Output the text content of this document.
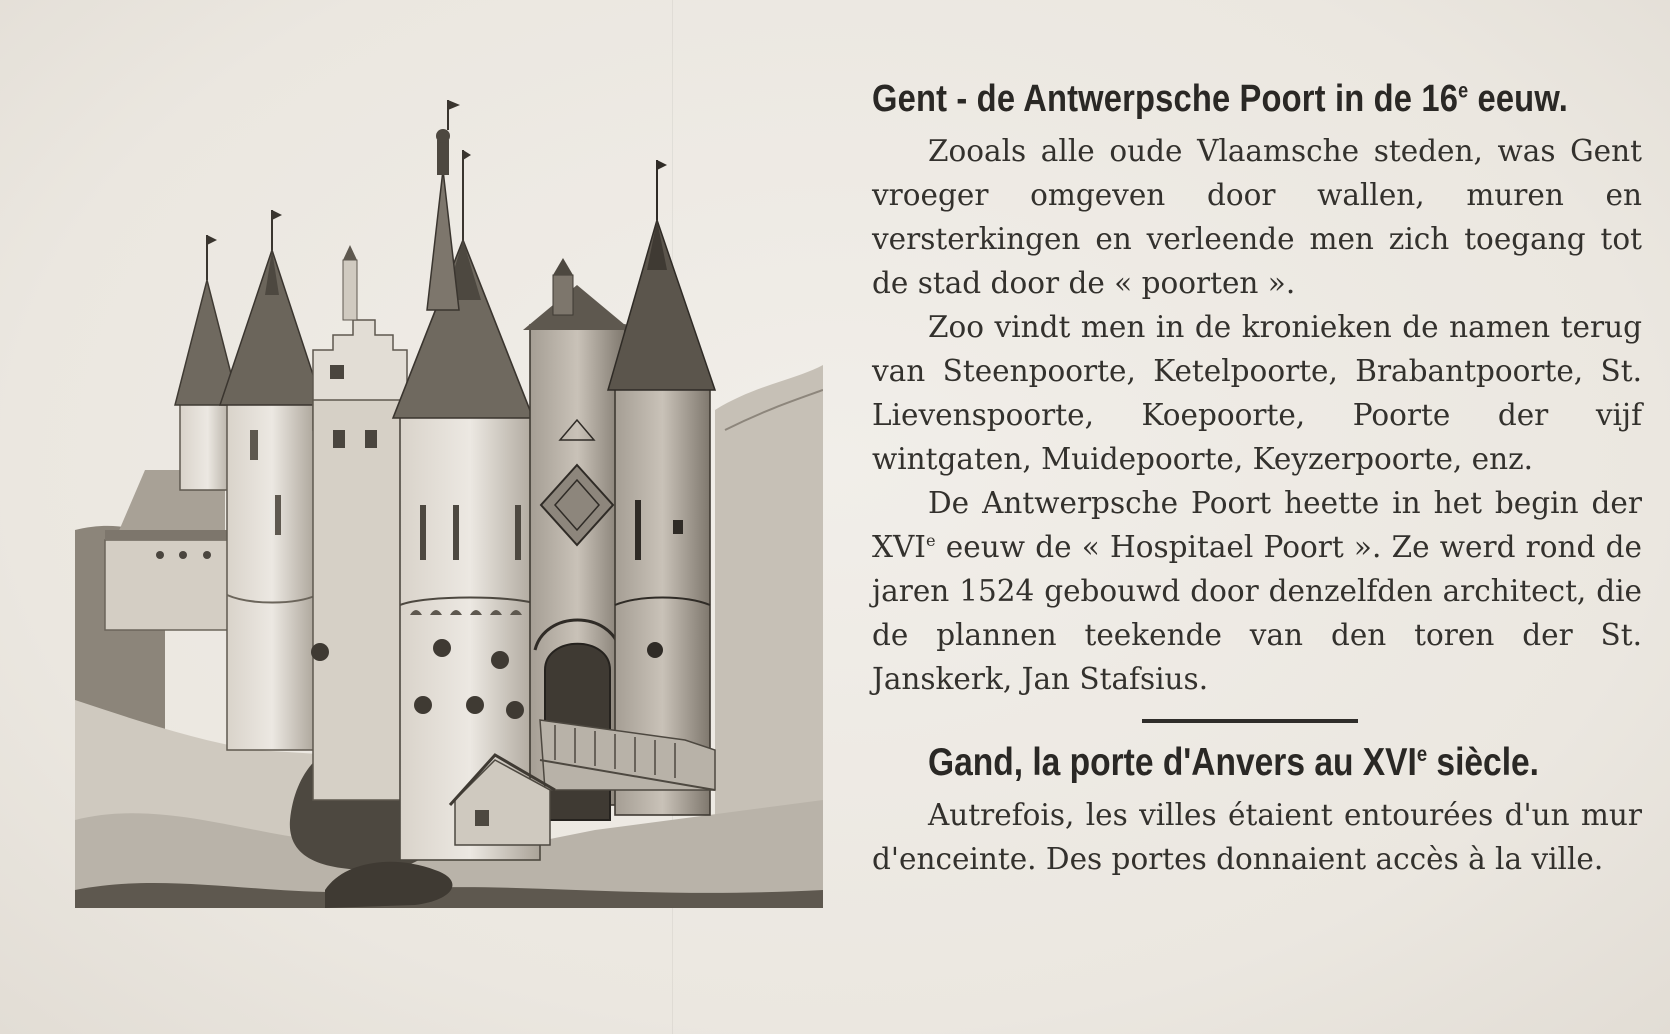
Gent - de Antwerpsche Poort in de 16e eeuw.

Zooals alle oude Vlaamsche steden, was Gent vroeger omgeven door wallen, muren en versterkingen en verleende men zich toegang tot de stad door de « poorten ».

Zoo vindt men in de kronieken de namen terug van Steenpoorte, Ketelpoorte, Brabantpoorte, St. Lievenspoorte, Koepoorte, Poorte der vijf wintgaten, Muidepoorte, Keyzerpoorte, enz.

De Antwerpsche Poort heette in het begin der XVIe eeuw de « Hospitael Poort ». Ze werd rond de jaren 1524 gebouwd door denzelfden architect, die de plannen teekende van den toren der St. Janskerk, Jan Stafsius.

Gand, la porte d'Anvers au XVIe siècle.

Autrefois, les villes étaient entourées d'un mur d'enceinte. Des portes donnaient accès à la ville.
